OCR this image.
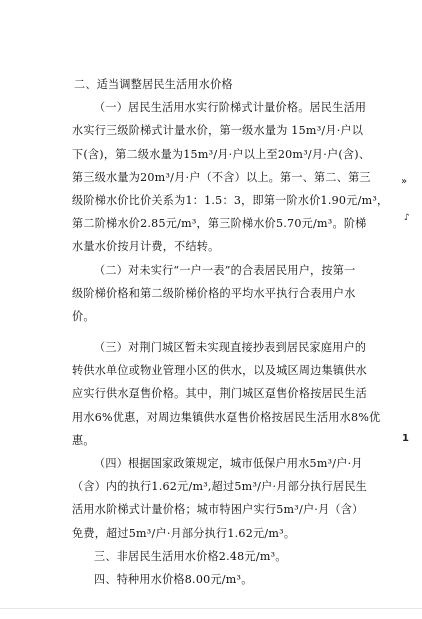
二、适当调整居民生活用水价格
（一）居民生活用水实行阶梯式计量价格。居民生活用
水实行三级阶梯式计量水价，第一级水量为 15m³/月·户以
下(含)，第二级水量为15m³/月·户以上至20m³/月·户(含)、
第三级水量为20m³/月·户（不含）以上。第一、第二、第三
级阶梯水价比价关系为1：1.5：3，即第一阶水价1.90元/m³，
第二阶梯水价2.85元/m³，第三阶梯水价5.70元/m³。阶梯
水量水价按月计费，不结转。
（二）对未实行“一户一表”的合表居民用户，按第一
级阶梯价格和第二级阶梯价格的平均水平执行合表用户水
价。
（三）对荆门城区暂未实现直接抄表到居民家庭用户的
转供水单位或物业管理小区的供水，以及城区周边集镇供水
应实行供水趸售价格。其中，荆门城区趸售价格按居民生活
用水6%优惠，对周边集镇供水趸售价格按居民生活用水8%优
惠。
（四）根据国家政策规定，城市低保户用水5m³/户·月
（含）内的执行1.62元/m³,超过5m³/户·月部分执行居民生
活用水阶梯式计量价格；城市特困户实行5m³/户·月（含）
免费，超过5m³/户·月部分执行1.62元/m³。
三、非居民生活用水价格2.48元/m³。
四、特种用水价格8.00元/m³。
»
♪
1
